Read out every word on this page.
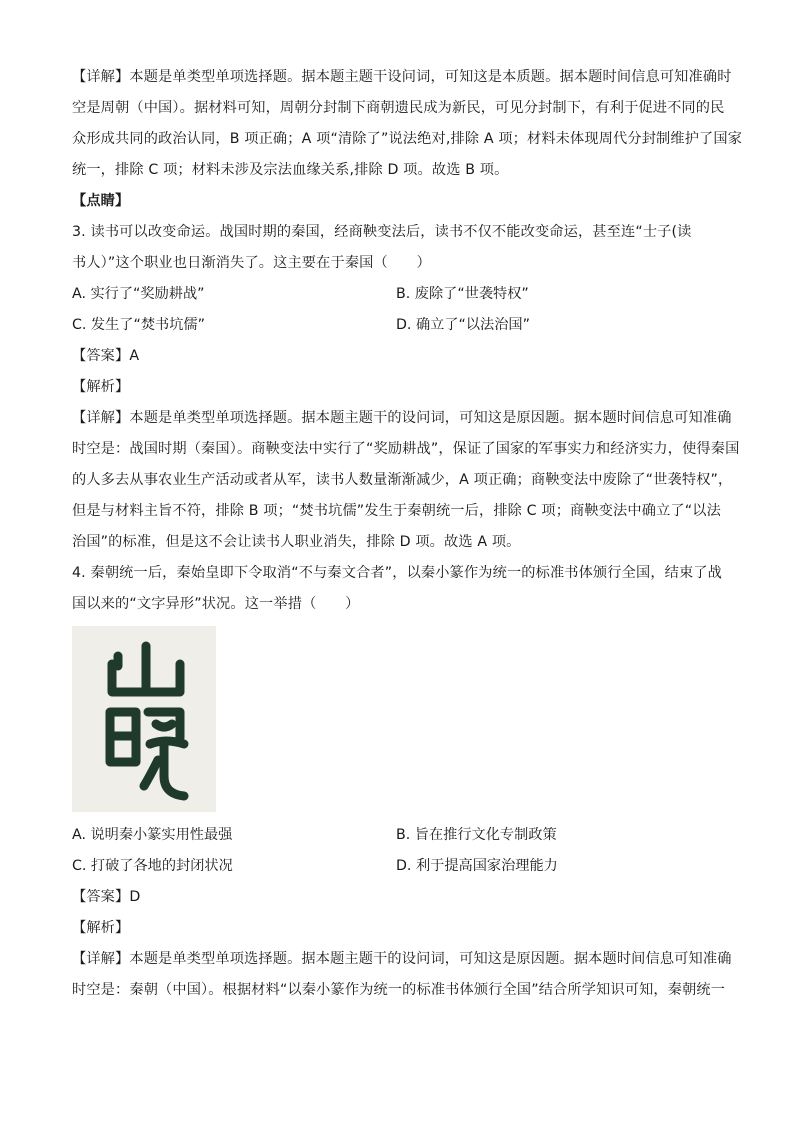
【详解】本题是单类型单项选择题。据本题主题干设问词，可知这是本质题。据本题时间信息可知准确时
空是周朝（中国）。据材料可知，周朝分封制下商朝遗民成为新民，可见分封制下，有利于促进不同的民
众形成共同的政治认同，B 项正确；A 项“清除了”说法绝对,排除 A 项；材料未体现周代分封制维护了国家
统一，排除 C 项；材料未涉及宗法血缘关系,排除 D 项。故选 B 项。
【点睛】
3. 读书可以改变命运。战国时期的秦国，经商鞅变法后，读书不仅不能改变命运，甚至连“士子(读
书人）”这个职业也日渐消失了。这主要在于秦国（　　）
A. 实行了“奖励耕战”	B. 废除了“世袭特权”
C. 发生了“焚书坑儒”	D. 确立了“以法治国”
【答案】A
【解析】
【详解】本题是单类型单项选择题。据本题主题干的设问词，可知这是原因题。据本题时间信息可知准确
时空是：战国时期（秦国）。商鞅变法中实行了“奖励耕战”，保证了国家的军事实力和经济实力，使得秦国
的人多去从事农业生产活动或者从军，读书人数量渐渐减少，A 项正确；商鞅变法中废除了“世袭特权”，
但是与材料主旨不符，排除 B 项；“焚书坑儒”发生于秦朝统一后，排除 C 项；商鞅变法中确立了“以法
治国”的标准，但是这不会让读书人职业消失，排除 D 项。故选 A 项。
4. 秦朝统一后，秦始皇即下令取消“不与秦文合者”，以秦小篆作为统一的标准书体颁行全国，结束了战
国以来的“文字异形”状况。这一举措（　　）
A. 说明秦小篆实用性最强	B. 旨在推行文化专制政策
C. 打破了各地的封闭状况	D. 利于提高国家治理能力
【答案】D
【解析】
【详解】本题是单类型单项选择题。据本题主题干的设问词，可知这是原因题。据本题时间信息可知准确
时空是：秦朝（中国）。根据材料“以秦小篆作为统一的标准书体颁行全国”结合所学知识可知，秦朝统一
